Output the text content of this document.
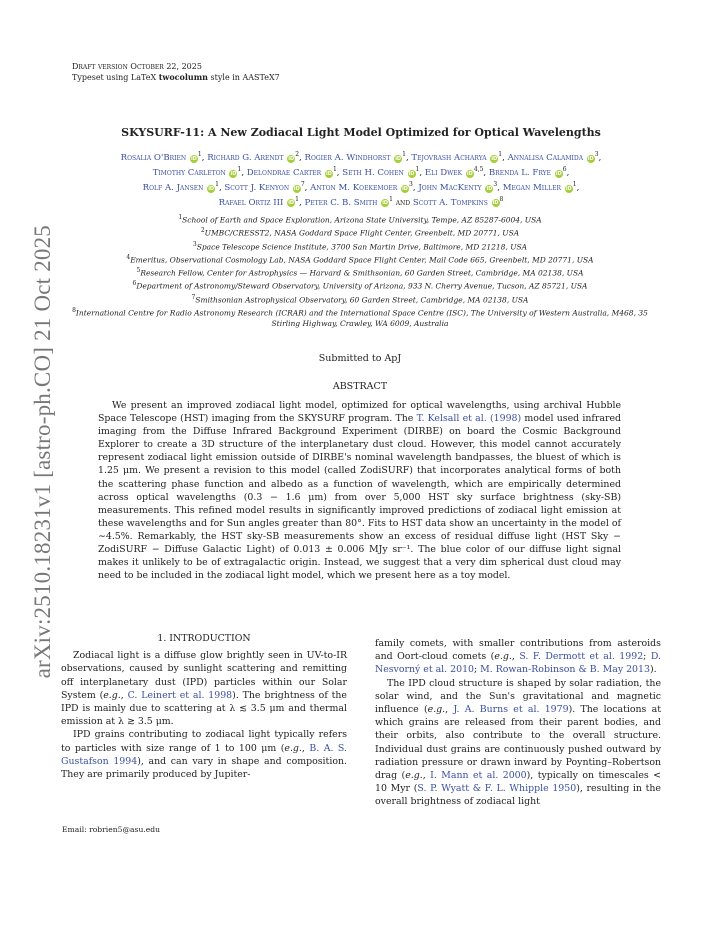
Draft version October 22, 2025
Typeset using LaTeX twocolumn style in AASTeX7
arXiv:2510.18231v1 [astro-ph.CO] 21 Oct 2025
SKYSURF-11: A New Zodiacal Light Model Optimized for Optical Wavelengths
Rosalia O'Brien $iD^1$, Richard G. Arendt $iD^2$, Rogier A. Windhorst $iD^1$, Tejovrash Acharya $iD^1$, Annalisa Calamida $iD^3$,
Timothy Carleton $iD^1$, Delondrae Carter $iD^1$, Seth H. Cohen $iD^1$, Eli Dwek iD$^{4,5}$, Brenda L. Frye $iD^6$,
Rolf A. Jansen $iD^1$, Scott J. Kenyon $iD^7$, Anton M. Koekemoer $iD^3$, John MacKenty $iD^3$, Megan Miller $iD^1$,
Rafael Ortiz III $iD^1$, Peter C. B. Smith $iD^1$ and Scott A. Tompkins $iD^8$
$^1$School of Earth and Space Exploration, Arizona State University, Tempe, AZ 85287-6004, USA
$^2$UMBC/CRESST2, NASA Goddard Space Flight Center, Greenbelt, MD 20771, USA
$^3$Space Telescope Science Institute, 3700 San Martin Drive, Baltimore, MD 21218, USA
$^4$Emeritus, Observational Cosmology Lab, NASA Goddard Space Flight Center, Mail Code 665, Greenbelt, MD 20771, USA
$^5$Research Fellow, Center for Astrophysics — Harvard & Smithsonian, 60 Garden Street, Cambridge, MA 02138, USA
$^6$Department of Astronomy/Steward Observatory, University of Arizona, 933 N. Cherry Avenue, Tucson, AZ 85721, USA
$^7$Smithsonian Astrophysical Observatory, 60 Garden Street, Cambridge, MA 02138, USA
$^8$International Centre for Radio Astronomy Research (ICRAR) and the International Space Centre (ISC), The University of Western Australia, M468, 35 Stirling Highway, Crawley, WA 6009, Australia
Submitted to ApJ
ABSTRACT
We present an improved zodiacal light model, optimized for optical wavelengths, using archival Hubble Space Telescope (HST) imaging from the SKYSURF program. The T. Kelsall et al. (1998) model used infrared imaging from the Diffuse Infrared Background Experiment (DIRBE) on board the Cosmic Background Explorer to create a 3D structure of the interplanetary dust cloud. However, this model cannot accurately represent zodiacal light emission outside of DIRBE's nominal wavelength bandpasses, the bluest of which is 1.25 μm. We present a revision to this model (called ZodiSURF) that incorporates analytical forms of both the scattering phase function and albedo as a function of wavelength, which are empirically determined across optical wavelengths (0.3 − 1.6 μm) from over 5,000 HST sky surface brightness (sky-SB) measurements. This refined model results in significantly improved predictions of zodiacal light emission at these wavelengths and for Sun angles greater than 80°. Fits to HST data show an uncertainty in the model of ∼4.5%. Remarkably, the HST sky-SB measurements show an excess of residual diffuse light (HST Sky − ZodiSURF − Diffuse Galactic Light) of 0.013 ± 0.006 MJy sr⁻¹. The blue color of our diffuse light signal makes it unlikely to be of extragalactic origin. Instead, we suggest that a very dim spherical dust cloud may need to be included in the zodiacal light model, which we present here as a toy model.
1. INTRODUCTION

Zodiacal light is a diffuse glow brightly seen in UV-to-IR observations, caused by sunlight scattering and remitting off interplanetary dust (IPD) particles within our Solar System (e.g., C. Leinert et al. 1998). The brightness of the IPD is mainly due to scattering at λ ≲ 3.5 μm and thermal emission at λ ≳ 3.5 μm.

IPD grains contributing to zodiacal light typically refers to particles with size range of 1 to 100 μm (e.g., B. A. S. Gustafson 1994), and can vary in shape and composition. They are primarily produced by Jupiter-

family comets, with smaller contributions from asteroids and Oort-cloud comets (e.g., S. F. Dermott et al. 1992; D. Nesvorný et al. 2010; M. Rowan-Robinson & B. May 2013).

The IPD cloud structure is shaped by solar radiation, the solar wind, and the Sun's gravitational and magnetic influence (e.g., J. A. Burns et al. 1979). The locations at which grains are released from their parent bodies, and their orbits, also contribute to the overall structure. Individual dust grains are continuously pushed outward by radiation pressure or drawn inward by Poynting–Robertson drag (e.g., I. Mann et al. 2000), typically on timescales < 10 Myr (S. P. Wyatt & F. L. Whipple 1950), resulting in the overall brightness of zodiacal light

Email: robrien5@asu.edu
